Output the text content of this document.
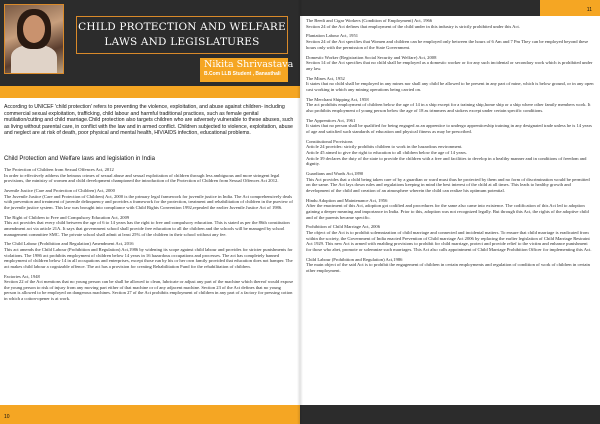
CHILD PROTECTION AND WELFARE
LAWS AND LEGISLATURES
Nikita Shrivastava
B.Com LLB Student , Banasthali
According to UNICEF 'child protection' refers to preventing the violence, exploitation, and abuse against children- including commercial sexual exploitation, trafficking, child labour and harmful traditional practices, such as female genital mutilation/cutting and child marriage.Child protection also targets children who are adversely vulnerable to these abuses, such as living without parental care, in conflict with the law and in armed conflict. Children subjected to violence, exploitation, abuse and neglect are at risk of death, poor physical and mental health, HIV/AIDS infection, educational problems.
Child Protection and Welfare laws and legislation in India

The Protection of Children from Sexual Offences Act, 2012
In order to effectively address the heinous crimes of sexual abuse and sexual exploitation of children through less ambiguous and more stringent legal provisions, the ministry of women and child development championed the introduction of the Protection of Children from Sexual Offences Act 2012.

Juvenile Justice (Care and Protection of Children) Act, 2000
The Juvenile Justice (Care and Protection of Children) Act, 2000 is the primary legal framework for juvenile justice in India. The Act comprehensively deals with prevention and treatment of juvenile delinquency and provides a framework for the protection, treatment and rehabilitation of children in the purview of the juvenile justice system. This law was brought into compliance with Child Rights Convention 1992,repealed the earlier Juvenile Justice Act of 1986.

The Right of Children to Free and Compulsory Education Act, 2009
This act provides that every child between the age of 6 to 14 years has the right to free and compulsory education. This is stated as per the 86th constitution amendment act via article 21A. It says that government school shall provide free education to all the children and the schools will be managed by school management committee SMC. The private school shall admit at least 25% of the children in their school without any fee.

The Child Labour (Prohibition and Regulation) Amendment Act, 2016
This act amends the Child Labour (Prohibition and Regulation) Act,1986 by widening its scope against child labour and provides for stricter punishments for violations. The 1986 act prohibits employment of children below 14 years in 16 hazardous occupations and processes. The act has completely banned employment of children below 14 in all occupations and enterprises, except those run by his or her own family provided that education does not hamper. The act makes child labour a cognizable offence. The act has a provision for creating Rehabilitation Fund for the rehabilitation of children.

Factories Act, 1948
Section 22 of the Act mentions that no young person can be shall be allowed to clean, lubricate or adjust any part of the machine which thereof would expose the young person to risk of injury from any moving part either of that machine or of any adjacent machine. Section 23 of the Act defines that no young person is allowed to be employed on dangerous machines. Section 27 of the Act prohibits employment of children in any part of a factory for pressing cotton in which a cotton-opener is at work.

10
11

The Beedi and Cigar Workers (Condition of Employment) Act, 1966
Section 24 of the Act defines that employment of the child under in this industry is strictly prohibited under this Act.

Plantation Labour Act, 1951
Section 24 of the Act specifies that Women and children can be employed only between the hours of 6 Am and 7 Pm They can be employed beyond these hours only with the permission of the State Government.

Domestic Worker (Registration Social Security and Welfare) Act, 2008
Section 14 of the Act specifies that no child shall be employed as a domestic worker or for any such incidental or secondary work which is prohibited under any law.

The Mines Act, 1952
It states that no child shall be employed in any mines nor shall any child be allowed to be present in any part of mine, which is below ground, or in any open cast working in which any mining operations being carried on.

The Merchant Shipping Act, 1958
The act prohibits employment of children below the age of 14 in a ship except for a training ship,home ship or a ship where other family members work. It also prohibits employment of young person below the age of 18 as trimmers and stokers except under certain specific conditions.

The Apprentices Act, 1961
It states that no person shall be qualified for being engaged as an apprentice to undergo apprenticeship training in any designated trade unless he is 14 years of age and satisfied such standards of education and physical fitness as may be prescribed.

Constitutional Provisions
Article 24 provides: strictly prohibits children to work in the hazardous environment.
Article 45 aimed to give the right to education to all children below the age of 14 years.
Article 39 declares the duty of the state to provide the children with a free and facilities to develop in a healthy manner and in conditions of freedom and dignity.

Guardians and Wards Act,1890
This Act provides that a child being taken care of by a guardian or ward must thus be protected by them and no form of discrimination would be permitted on the same. The Act lays down rules and regulations keeping in mind the best interest of the child at all times. This leads to healthy growth and development of the child and creation of an atmosphere wherein the child can realize his optimum potential.

Hindu Adoption and Maintenance Act, 1956
After the enactment of this Act, adoption got codified and procedures for the same also came into existence. The codification of this Act led to adoption gaining a deeper meaning and importance in India. Prior to this, adoption was not recognized legally. But through this Act, the rights of the adoptive child and of the parents became specific.

Prohibition of Child Marriage Act, 2006
The object of the Act is to prohibit solemnization of child marriage and connected and incidental matters. To ensure that child marriage is eradicated from within the society, the Government of India enacted Prevention of Child marriage Act 2006 by replacing the earlier legislation of Child Marriage Restraint Act 1929. This new Act is armed with enabling provisions to prohibit for child marriage, protect and provide relief to the victim and enhance punishment for those who abet, promote or solemnize such marriages. This Act also calls appointment of Child Marriage Prohibition Officer for implementing this Act.

Child Labour (Prohibition and Regulation) Act,1986
The main object of the said Act is to prohibit the engagement of children in certain employments and regulation of condition of work of children in certain other employment.
